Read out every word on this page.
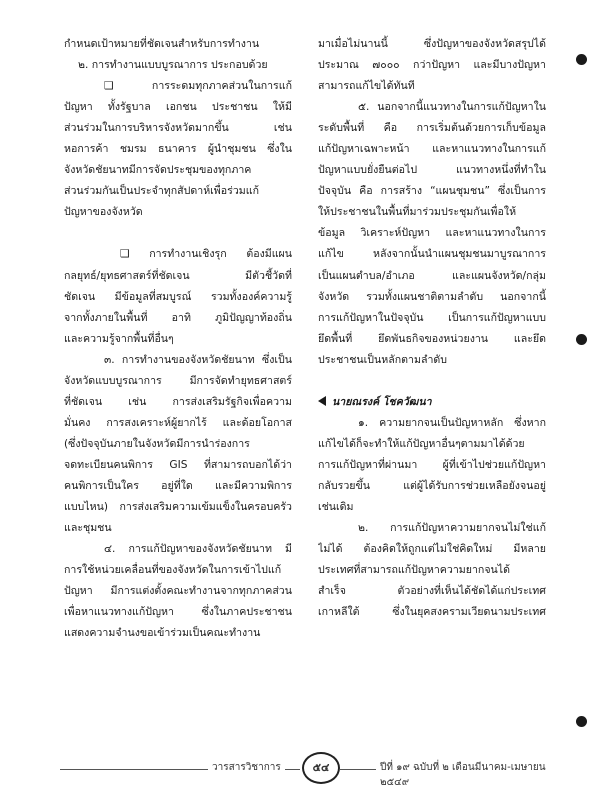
กำหนดเป้าหมายที่ชัดเจนสำหรับการทำงาน
๒. การทำงานแบบบูรณาการ ประกอบด้วย
❑ การระดมทุกภาคส่วนในการแก้
ปัญหา ทั้งรัฐบาล เอกชน ประชาชน ให้มี
ส่วนร่วมในการบริหารจังหวัดมากขึ้น เช่น
หอการค้า ชมรม ธนาคาร ผู้นำชุมชน ซึ่งใน
จังหวัดชัยนาทมีการจัดประชุมของทุกภาค
ส่วนร่วมกันเป็นประจำทุกสัปดาห์เพื่อร่วมแก้
ปัญหาของจังหวัด
❑ การทำงานเชิงรุก ต้องมีแผน
กลยุทธ์/ยุทธศาสตร์ที่ชัดเจน มีตัวชี้วัดที่
ชัดเจน มีข้อมูลที่สมบูรณ์ รวมทั้งองค์ความรู้
จากทั้งภายในพื้นที่ อาทิ ภูมิปัญญาท้องถิ่น
และความรู้จากพื้นที่อื่นๆ
๓. การทำงานของจังหวัดชัยนาท ซึ่งเป็น
จังหวัดแบบบูรณาการ มีการจัดทำยุทธศาสตร์
ที่ชัดเจน เช่น การส่งเสริมรัฐกิจเพื่อความ
มั่นคง การสงเคราะห์ผู้ยากไร้ และด้อยโอกาส
(ซึ่งปัจจุบันภายในจังหวัดมีการนำร่องการ
จดทะเบียนคนพิการ GIS ที่สามารถบอกได้ว่า
คนพิการเป็นใคร อยู่ที่ใด และมีความพิการ
แบบไหน) การส่งเสริมความเข้มแข็งในครอบครัว
และชุมชน
๔. การแก้ปัญหาของจังหวัดชัยนาท มี
การใช้หน่วยเคลื่อนที่ของจังหวัดในการเข้าไปแก้
ปัญหา มีการแต่งตั้งคณะทำงานจากทุกภาคส่วน
เพื่อหาแนวทางแก้ปัญหา ซึ่งในภาคประชาชน
แสดงความจำนงขอเข้าร่วมเป็นคณะทำงาน
มาเมื่อไม่นานนี้ ซึ่งปัญหาของจังหวัดสรุปได้
ประมาณ ๗๐๐๐ กว่าปัญหา และมีบางปัญหา
สามารถแก้ไขได้ทันที
๕. นอกจากนี้แนวทางในการแก้ปัญหาใน
ระดับพื้นที่ คือ การเริ่มต้นด้วยการเก็บข้อมูล
แก้ปัญหาเฉพาะหน้า และหาแนวทางในการแก้
ปัญหาแบบยั่งยืนต่อไป แนวทางหนึ่งที่ทำใน
ปัจจุบัน คือ การสร้าง “แผนชุมชน” ซึ่งเป็นการ
ให้ประชาชนในพื้นที่มาร่วมประชุมกันเพื่อให้
ข้อมูล วิเคราะห์ปัญหา และหาแนวทางในการ
แก้ไข หลังจากนั้นนำแผนชุมชนมาบูรณาการ
เป็นแผนตำบล/อำเภอ และแผนจังหวัด/กลุ่ม
จังหวัด รวมทั้งแผนชาติตามลำดับ นอกจากนี้
การแก้ปัญหาในปัจจุบัน เป็นการแก้ปัญหาแบบ
ยึดพื้นที่ ยึดพันธกิจของหน่วยงาน และยึด
ประชาชนเป็นหลักตามลำดับ
นายณรงค์ โชควัฒนา
๑. ความยากจนเป็นปัญหาหลัก ซึ่งหาก
แก้ไขได้ก็จะทำให้แก้ปัญหาอื่นๆตามมาได้ด้วย
การแก้ปัญหาที่ผ่านมา ผู้ที่เข้าไปช่วยแก้ปัญหา
กลับรวยขึ้น แต่ผู้ได้รับการช่วยเหลือยังจนอยู่
เช่นเดิม
๒. การแก้ปัญหาความยากจนไม่ใช่แก้
ไม่ได้ ต้องคิดให้ถูกแต่ไม่ใช่คิดใหม่ มีหลาย
ประเทศที่สามารถแก้ปัญหาความยากจนได้
สำเร็จ ตัวอย่างที่เห็นได้ชัดได้แก่ประเทศ
เกาหลีใต้ ซึ่งในยุคสงครามเวียดนามประเทศ
วารสารวิชาการ	๕๔	ปีที่ ๑๙ ฉบับที่ ๒ เดือนมีนาคม-เมษายน ๒๕๔๙
